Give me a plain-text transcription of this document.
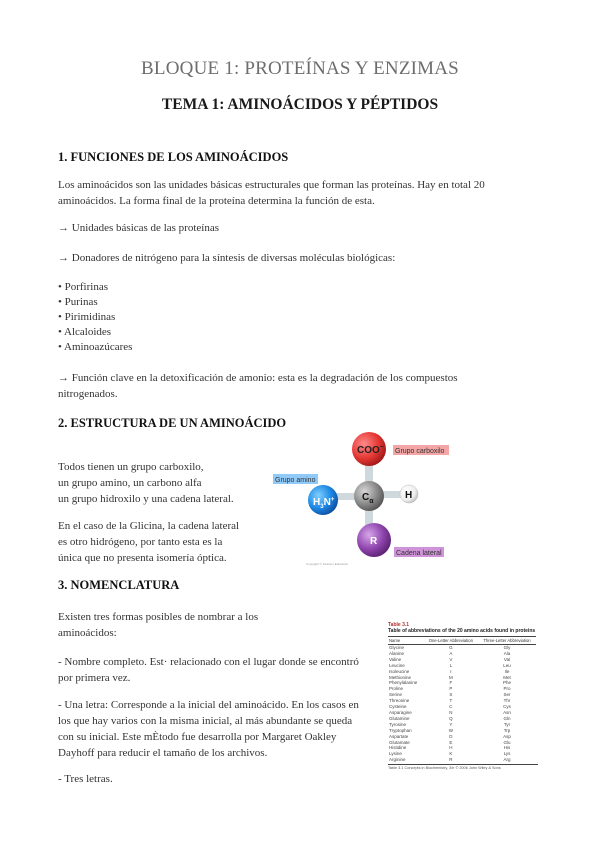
BLOQUE 1: PROTEÍNAS Y ENZIMAS
TEMA 1: AMINOÁCIDOS Y PÉPTIDOS
1. FUNCIONES DE LOS AMINOÁCIDOS
Los aminoácidos son las unidades básicas estructurales que forman las proteínas. Hay en total 20
aminoácidos. La forma final de la proteína determina la función de esta.
→ Unidades básicas de las proteínas
→ Donadores de nitrógeno para la síntesis de diversas moléculas biológicas:
• Porfirinas
• Purinas
• Pirimidinas
• Alcaloides
• Aminoazúcares
→ Función clave en la detoxificación de amonio: esta es la degradación de los compuestos
nitrogenados.
2. ESTRUCTURA DE UN AMINOÁCIDO
Todos tienen un grupo carboxilo,
un grupo amino, un carbono alfa
un grupo hidroxilo y una cadena lateral.
En el caso de la Glicina, la cadena lateral
es otro hidrógeno, por tanto esta es la
única que no presenta isomería óptica.
Grupo carboxilo
Grupo amino
Cadena lateral
COO−
$H_3N^+$	$C_\alpha$
H
R
Copyright © Pearson Education
3. NOMENCLATURA
Existen tres formas posibles de nombrar a los
aminoácidos:
- Nombre completo. Est· relacionado con el lugar donde se encontró
por primera vez.
- Una letra: Corresponde a la inicial del aminoácido. En los casos en
los que hay varios con la misma inicial, al más abundante se queda
con su inicial. Este mÈtodo fue desarrolla por Margaret Oakley
Dayhoff para reducir el tamaño de los archivos.
- Tres letras.
Table 3.1
Table of abbreviations of the 20 amino acids found in proteins
Name	One-Letter Abbreviation	Three-Letter Abbreviation
Glycine	G	Gly
Alanine	A	Ala
Valine	V	Val
Leucine	L	Leu
Isoleucine	I	Ile
Methionine	M	Met
Phenylalanine	F	Phe
Proline	P	Pro
Serine	S	Ser
Threonine	T	Thr
Cysteine	C	Cys
Asparagine	N	Asn
Glutamine	Q	Gln
Tyrosine	Y	Tyr
Tryptophan	W	Trp
Aspartate	D	Asp
Glutamate	E	Glu
Histidine	H	His
Lysine	K	Lys
Arginine	R	Arg
Table 3.1 Concepts in Biochemistry, 3/e © 2006 John Wiley & Sons
